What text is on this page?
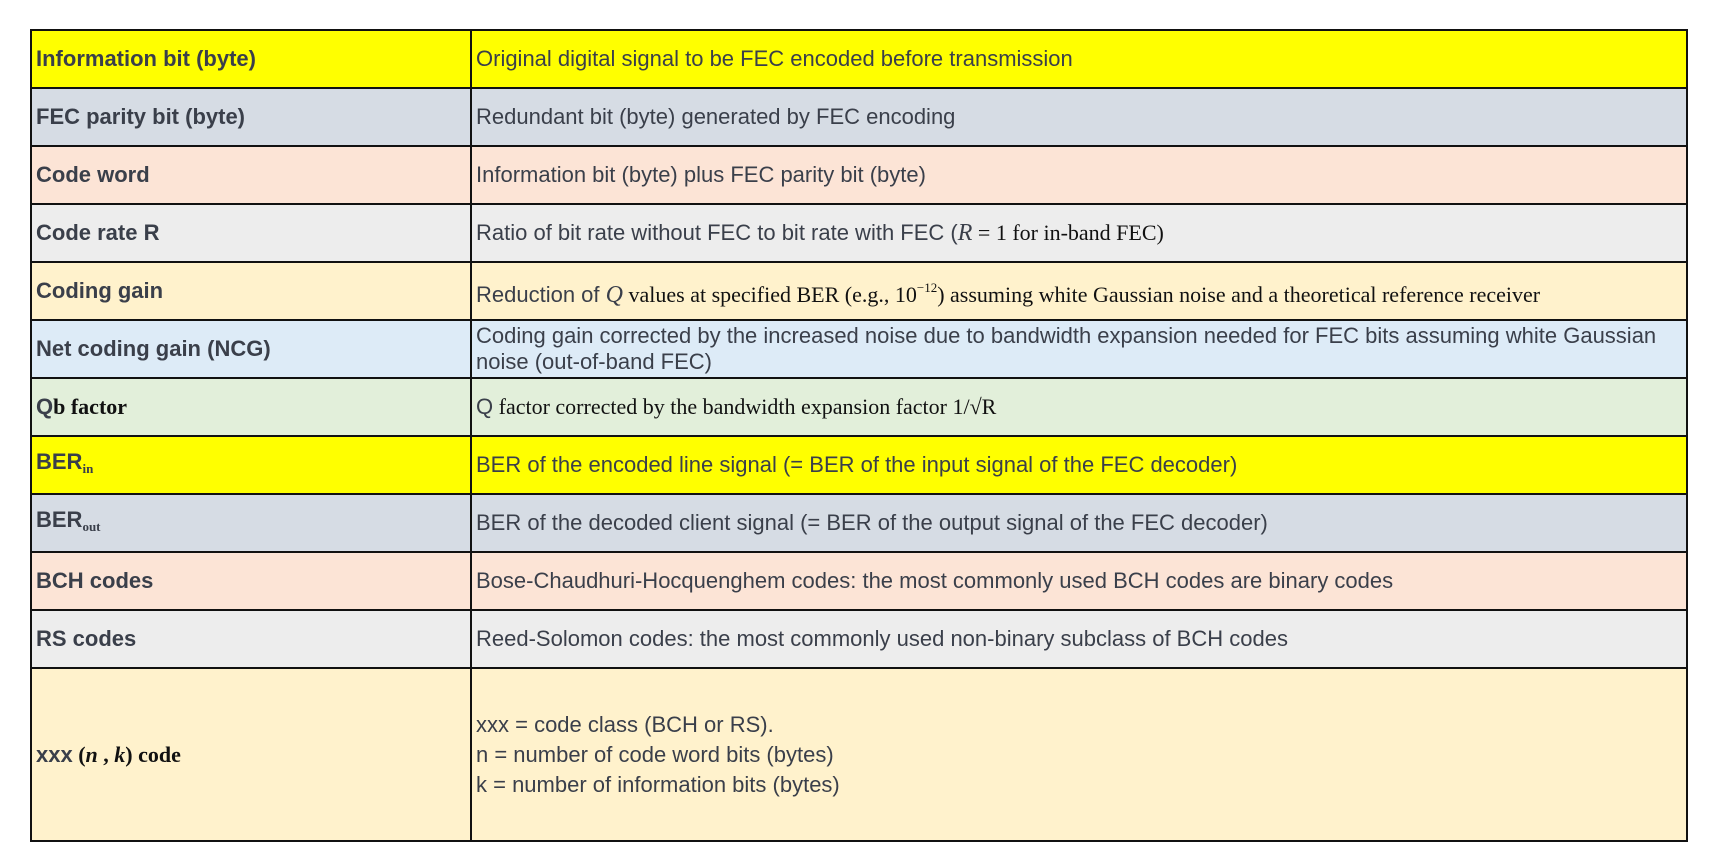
Information bit (byte)	Original digital signal to be FEC encoded before transmission
FEC parity bit (byte)	Redundant bit (byte) generated by FEC encoding
Code word	Information bit (byte) plus FEC parity bit (byte)
Code rate R	Ratio of bit rate without FEC to bit rate with FEC (R = 1 for in-band FEC)
Coding gain	Reduction of Q values at specified BER (e.g., $10^{-12}$) assuming white Gaussian noise and a theoretical reference receiver
Net coding gain (NCG)	Coding gain corrected by the increased noise due to bandwidth expansion needed for FEC bits assuming white Gaussian noise (out-of-band FEC)
Qb factor	Q factor corrected by the bandwidth expansion factor 1/√R
$BER_{in}$	BER of the encoded line signal (= BER of the input signal of the FEC decoder)
$BER_{out}$	BER of the decoded client signal (= BER of the output signal of the FEC decoder)
BCH codes	Bose-Chaudhuri-Hocquenghem codes: the most commonly used BCH codes are binary codes
RS codes	Reed-Solomon codes: the most commonly used non-binary subclass of BCH codes
xxx (n , k) code	xxx = code class (BCH or RS).
n = number of code word bits (bytes)
k = number of information bits (bytes)
